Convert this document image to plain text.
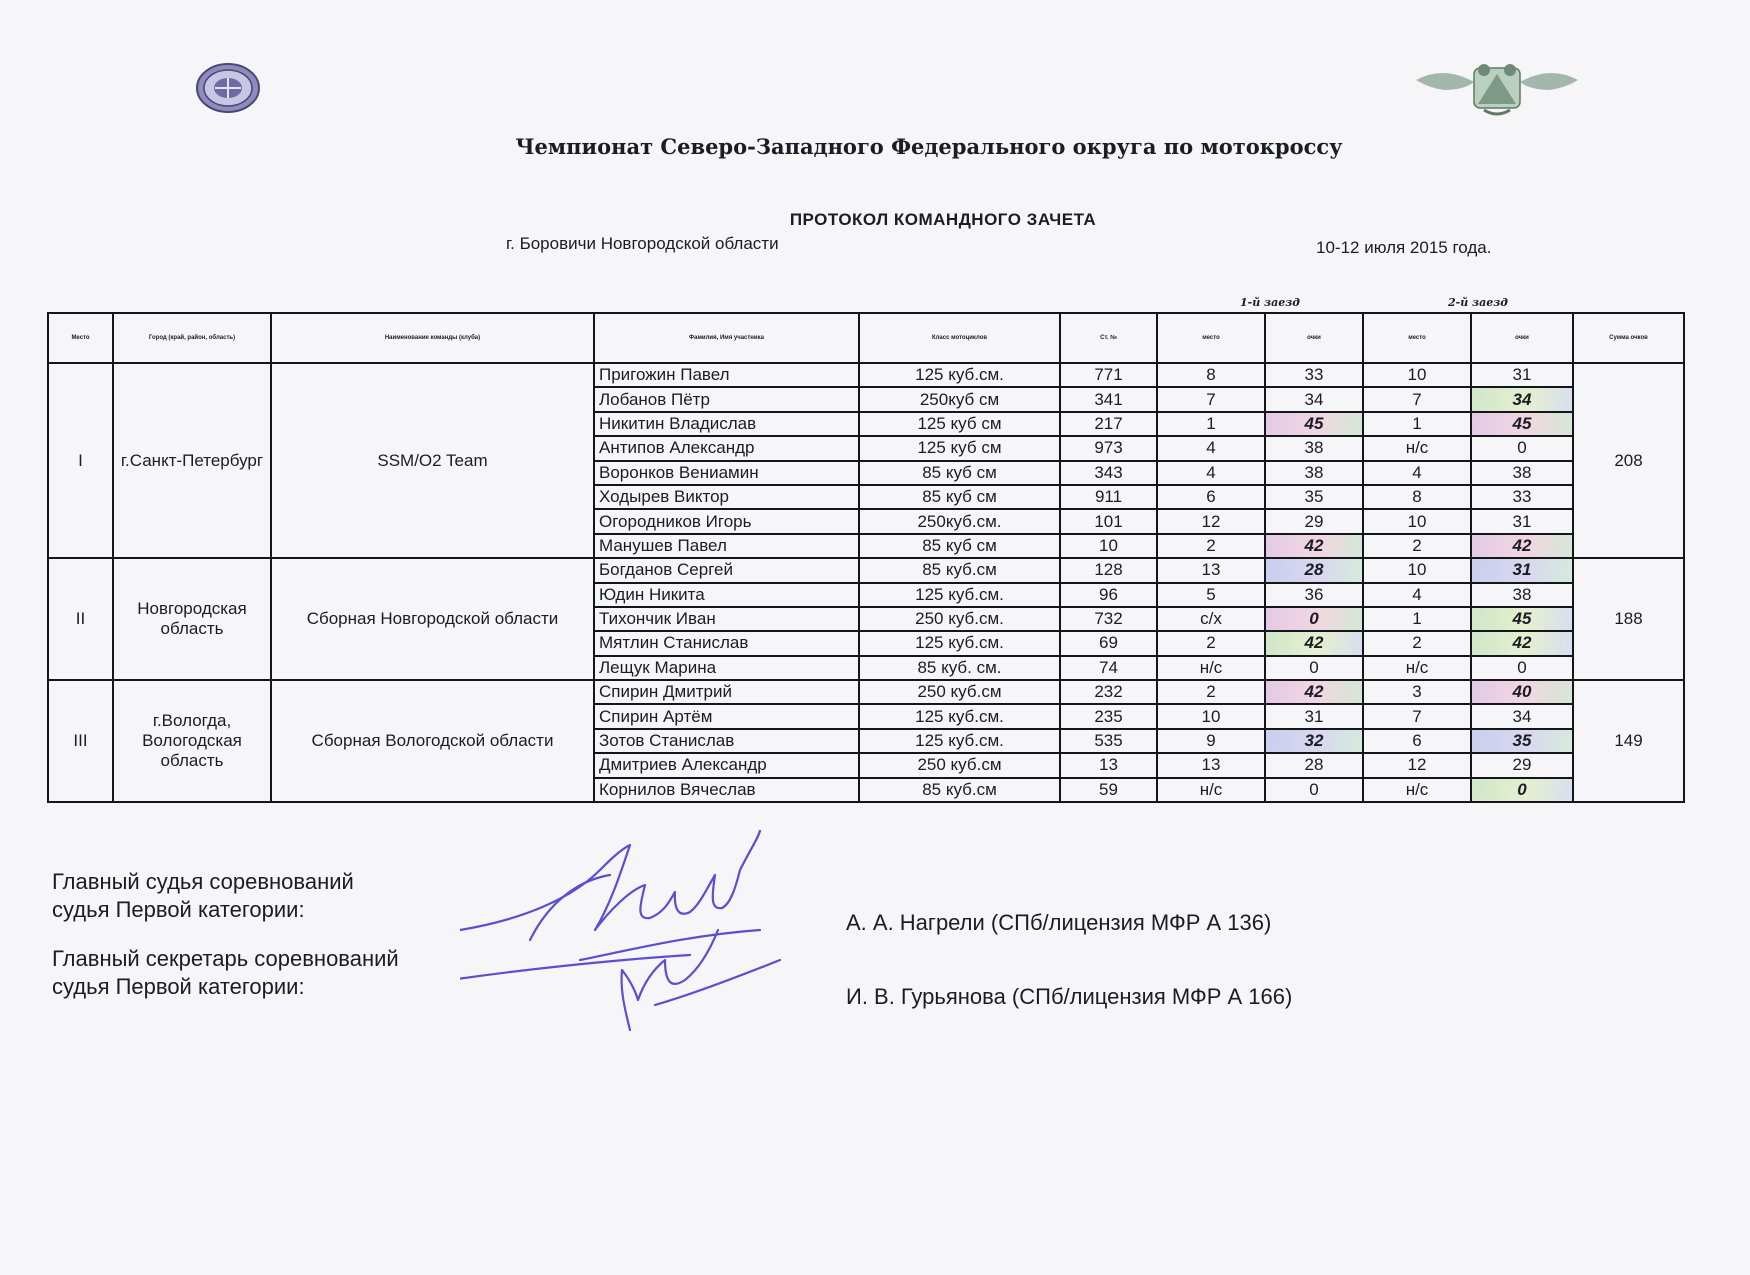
Чемпионат Северо-Западного Федерального округа по мотокроссу
ПРОТОКОЛ КОМАНДНОГО ЗАЧЕТА
г. Боровичи Новгородской области	10-12 июля 2015 года.
1-й заезд	2-й заезд
Место	Город (край, район, область)	Наименование команды (клуба)	Фамилия, Имя участника	Класс мотоциклов	Ст. №	место	очки	место	очки	Сумма очков
I	г.Санкт-Петербург	SSM/O2 Team	Пригожин Павел	125 куб.см.	771	8	33	10	31	208
			Лобанов Пётр	250куб см	341	7	34	7	34	
			Никитин Владислав	125 куб см	217	1	45	1	45	
			Антипов Александр	125 куб см	973	4	38	н/с	0	
			Воронков Вениамин	85 куб см	343	4	38	4	38	
			Ходырев Виктор	85 куб см	911	6	35	8	33	
			Огородников Игорь	250куб.см.	101	12	29	10	31	
			Манушев Павел	85 куб см	10	2	42	2	42	
II	Новгородская область	Сборная Новгородской области	Богданов Сергей	85 куб.см	128	13	28	10	31	188
			Юдин Никита	125 куб.см.	96	5	36	4	38	
			Тихончик Иван	250 куб.см.	732	с/х	0	1	45	
			Мятлин Станислав	125 куб.см.	69	2	42	2	42	
			Лещук Марина	85 куб. см.	74	н/с	0	н/с	0	
III	г.Вологда, Вологодская область	Сборная Вологодской области	Спирин Дмитрий	250 куб.см	232	2	42	3	40	149
			Спирин Артём	125 куб.см.	235	10	31	7	34	
			Зотов Станислав	125 куб.см.	535	9	32	6	35	
			Дмитриев Александр	250 куб.см	13	13	28	12	29	
			Корнилов Вячеслав	85 куб.см	59	н/с	0	н/с	0	
Главный судья соревнований
судья Первой категории:
Главный секретарь соревнований
судья Первой категории:
А. А. Нагрели (СПб/лицензия МФР А 136)
И. В. Гурьянова (СПб/лицензия МФР А 166)
